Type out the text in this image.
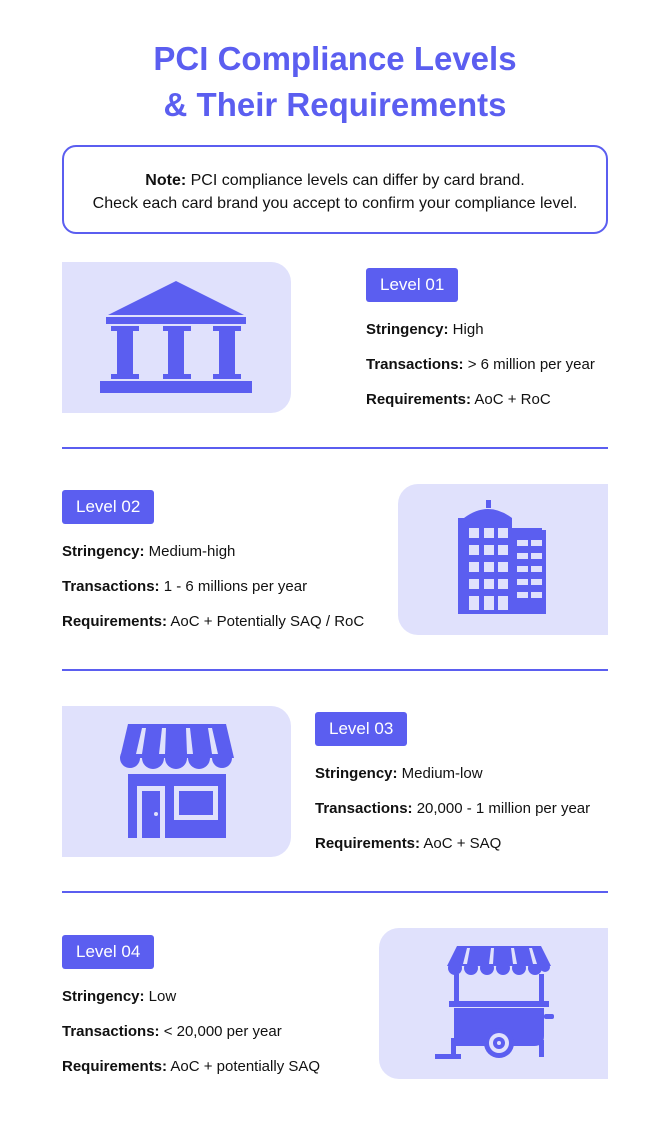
PCI Compliance Levels
& Their Requirements
Note: PCI compliance levels can differ by card brand.
Check each card brand you accept to confirm your compliance level.
Level 01
Stringency: High
Transactions: > 6 million per year
Requirements: AoC + RoC
Level 02
Stringency: Medium-high
Transactions: 1 - 6 millions per year
Requirements: AoC + Potentially SAQ / RoC
Level 03
Stringency: Medium-low
Transactions: 20,000 - 1 million per year
Requirements: AoC + SAQ
Level 04
Stringency: Low
Transactions: < 20,000 per year
Requirements: AoC + potentially SAQ
